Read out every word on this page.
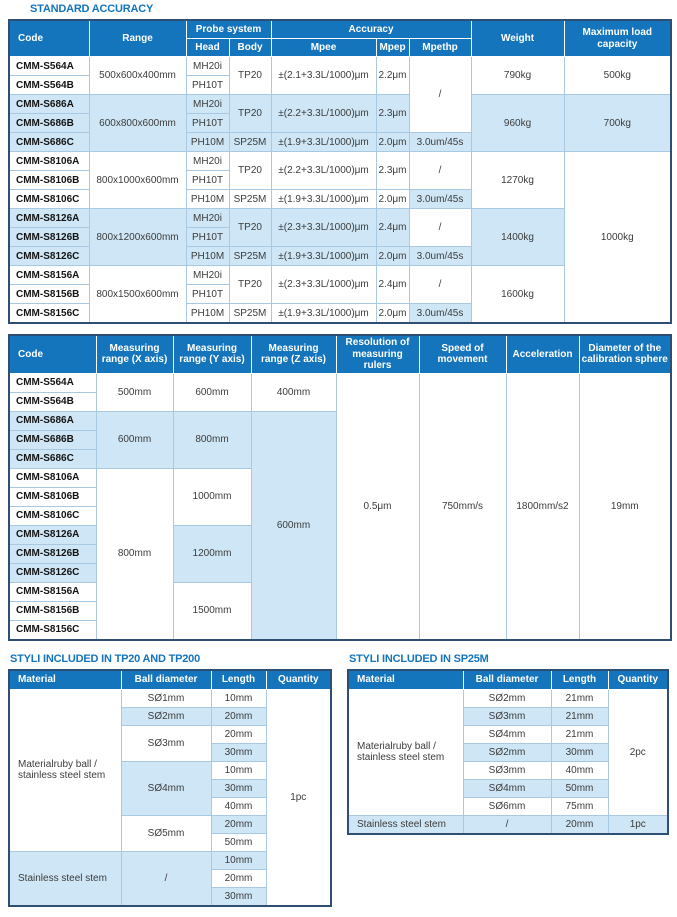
STANDARD ACCURACY
Code	Range	Probe system		Accuracy			Weight	Maximum load capacity
		Head	Body	Mpee	Mpep	Mpethp		
CMM-S564A	500x600x400mm	MH20i	TP20	±(2.1+3.3L/1000)μm	2.2μm	/	790kg	500kg
CMM-S564B		PH10T						
CMM-S686A	600x800x600mm	MH20i	TP20	±(2.2+3.3L/1000)μm	2.3μm		960kg	700kg
CMM-S686B		PH10T						
CMM-S686C		PH10M	SP25M	±(1.9+3.3L/1000)μm	2.0μm	3.0um/45s		
CMM-S8106A	800x1000x600mm	MH20i	TP20	±(2.2+3.3L/1000)μm	2.3μm	/	1270kg	1000kg
CMM-S8106B		PH10T						
CMM-S8106C		PH10M	SP25M	±(1.9+3.3L/1000)μm	2.0μm	3.0um/45s		
CMM-S8126A	800x1200x600mm	MH20i	TP20	±(2.3+3.3L/1000)μm	2.4μm	/	1400kg	
CMM-S8126B		PH10T						
CMM-S8126C		PH10M	SP25M	±(1.9+3.3L/1000)μm	2.0μm	3.0um/45s		
CMM-S8156A	800x1500x600mm	MH20i	TP20	±(2.3+3.3L/1000)μm	2.4μm	/	1600kg	
CMM-S8156B		PH10T						
CMM-S8156C		PH10M	SP25M	±(1.9+3.3L/1000)μm	2.0μm	3.0um/45s		
Code	Measuring range (X axis)	Measuring range (Y axis)	Measuring range (Z axis)	Resolution of measuring rulers	Speed of movement	Acceleration	Diameter of the calibration sphere
CMM-S564A	500mm	600mm	400mm	0.5μm	750mm/s	1800mm/s2	19mm
CMM-S564B							
CMM-S686A	600mm	800mm	600mm				
CMM-S686B							
CMM-S686C							
CMM-S8106A	800mm	1000mm					
CMM-S8106B							
CMM-S8106C							
CMM-S8126A		1200mm					
CMM-S8126B							
CMM-S8126C							
CMM-S8156A		1500mm					
CMM-S8156B							
CMM-S8156C							
STYLI INCLUDED IN TP20 AND TP200
Material	Ball diameter	Length	Quantity
Materialruby ball / stainless steel stem	SØ1mm	10mm	1pc
	SØ2mm	20mm	
	SØ3mm	20mm	
		30mm	
	SØ4mm	10mm	
		30mm	
		40mm	
	SØ5mm	20mm	
		50mm	
Stainless steel stem	/	10mm	
		20mm	
		30mm	
STYLI INCLUDED IN SP25M
Material	Ball diameter	Length	Quantity
Materialruby ball / stainless steel stem	SØ2mm	21mm	2pc
	SØ3mm	21mm	
	SØ4mm	21mm	
	SØ2mm	30mm	
	SØ3mm	40mm	
	SØ4mm	50mm	
	SØ6mm	75mm	
Stainless steel stem	/	20mm	1pc
